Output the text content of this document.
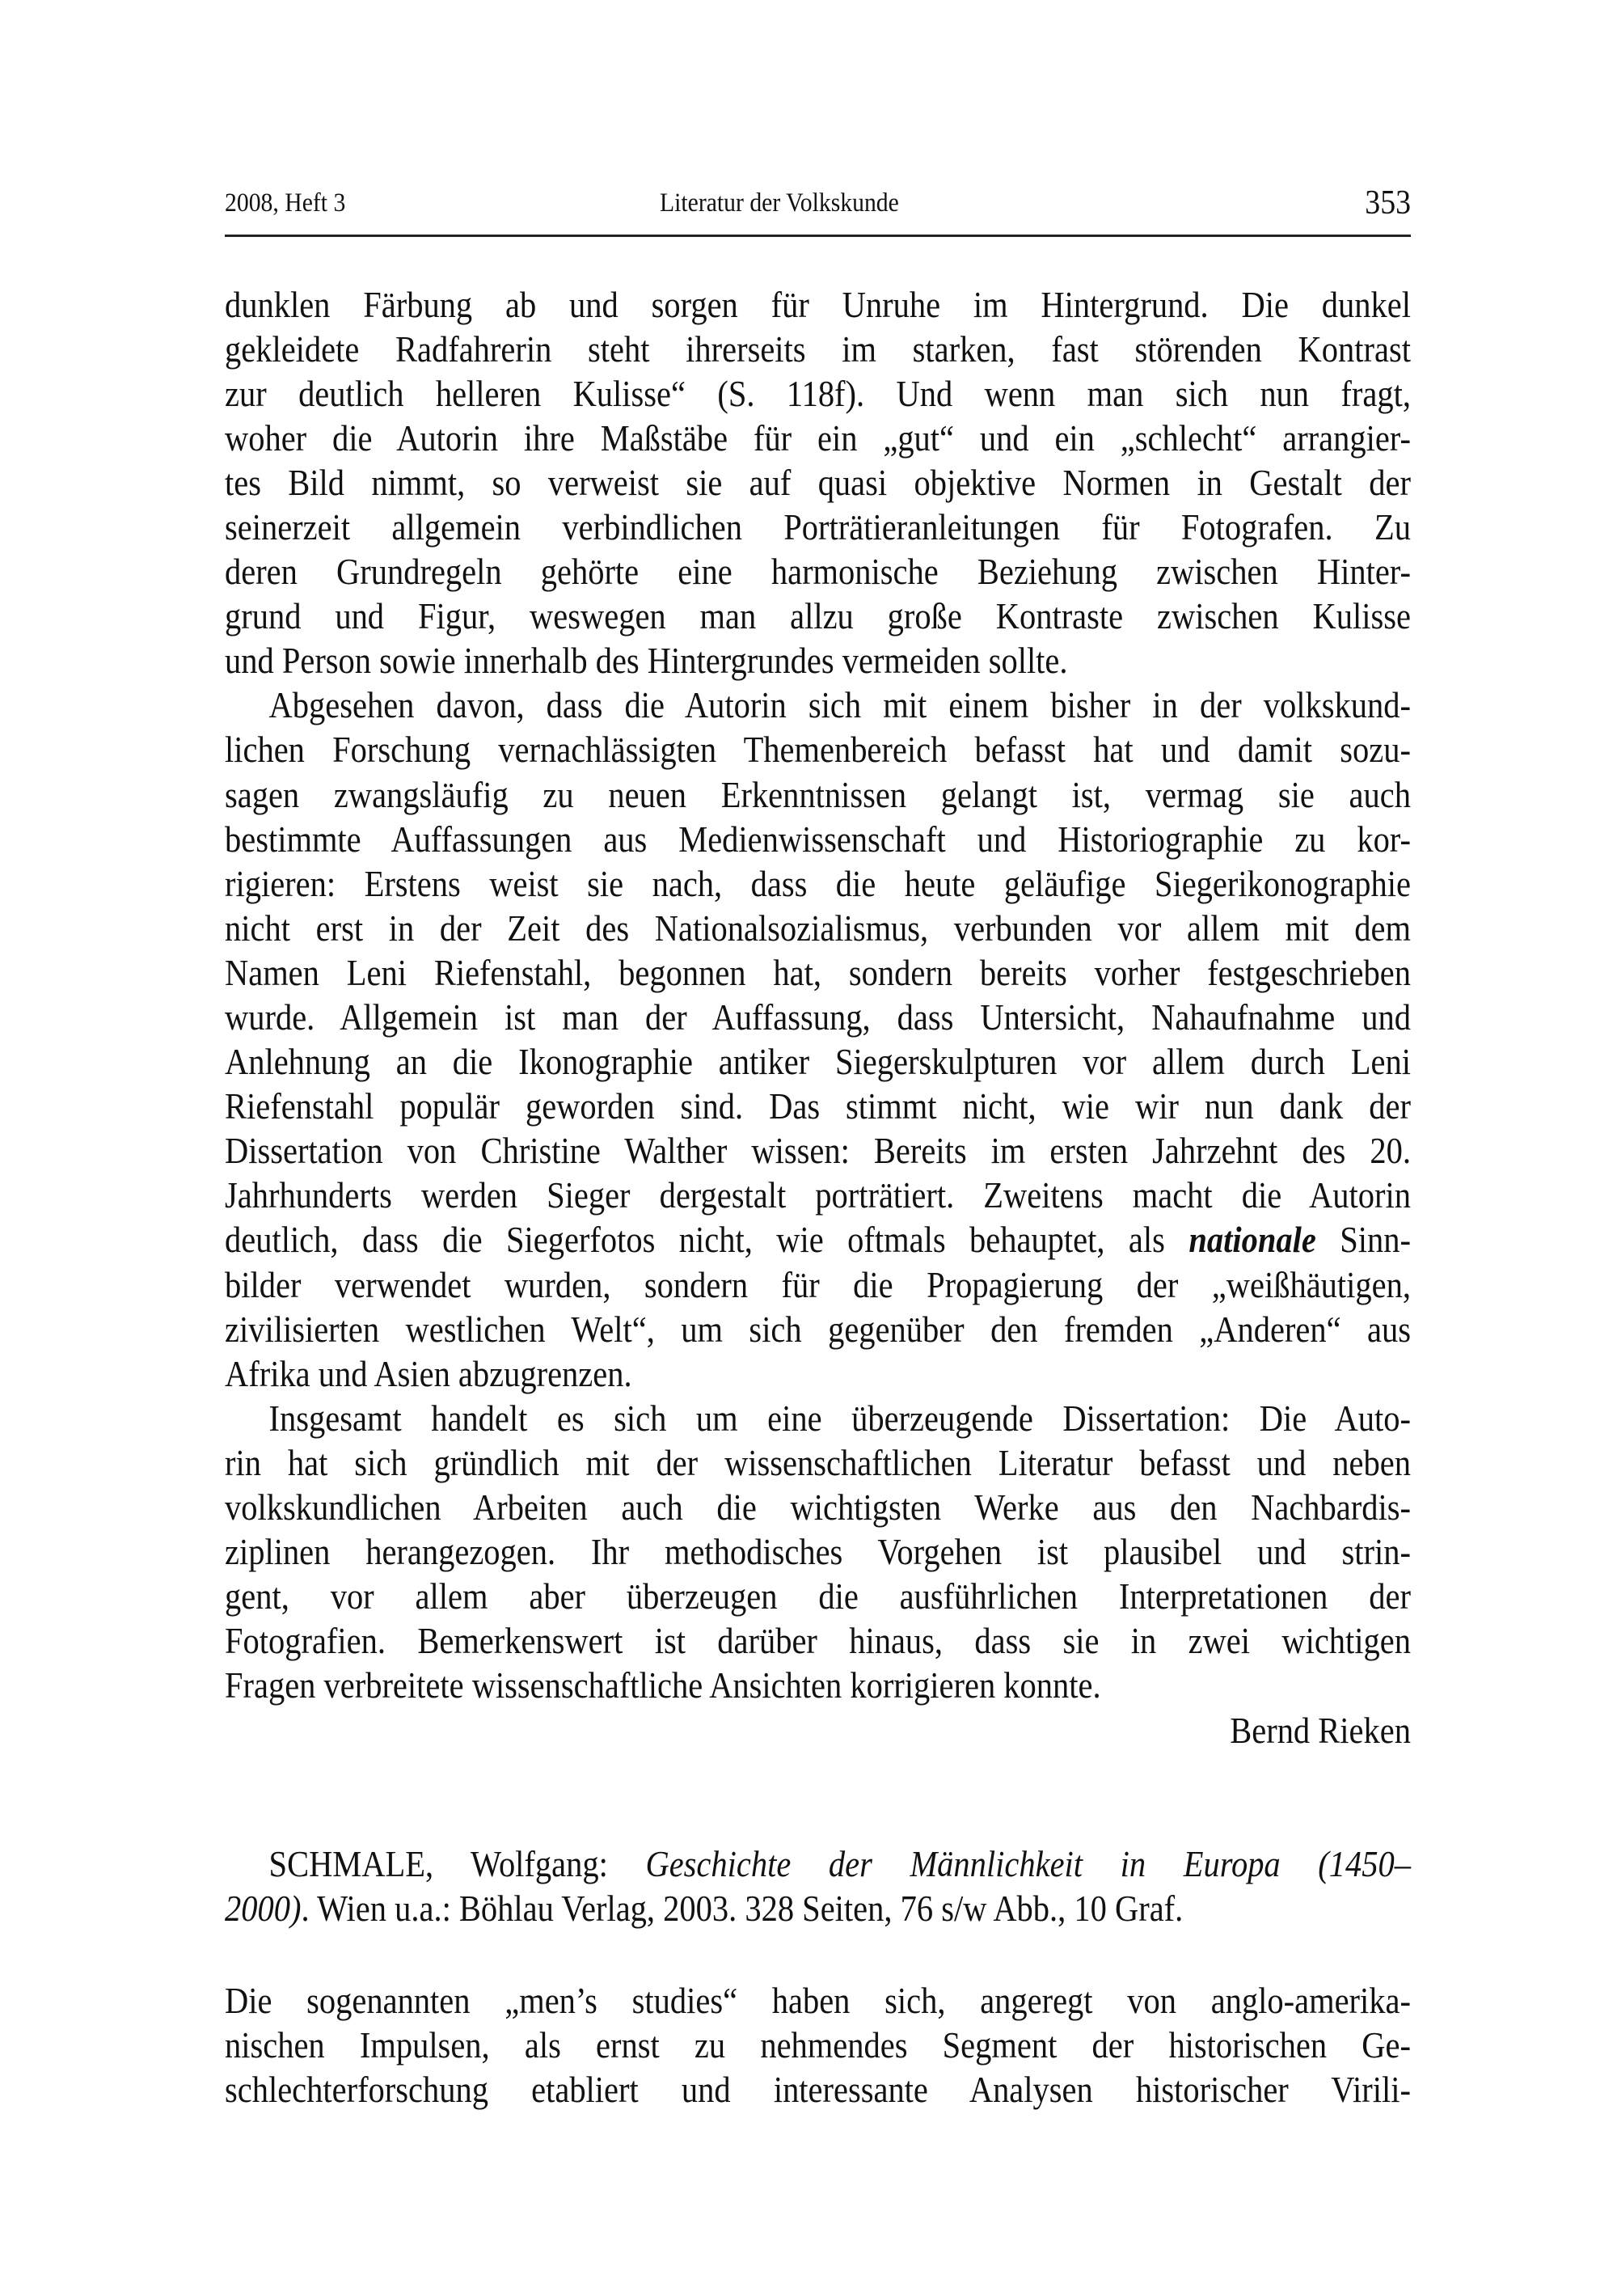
2008, Heft 3	Literatur der Volkskunde	353
dunklen Färbung ab und sorgen für Unruhe im Hintergrund. Die dunkel
gekleidete Radfahrerin steht ihrerseits im starken, fast störenden Kontrast
zur deutlich helleren Kulisse“ (S. 118f). Und wenn man sich nun fragt,
woher die Autorin ihre Maßstäbe für ein „gut“ und ein „schlecht“ arrangier-
tes Bild nimmt, so verweist sie auf quasi objektive Normen in Gestalt der
seinerzeit allgemein verbindlichen Porträtieranleitungen für Fotografen. Zu
deren Grundregeln gehörte eine harmonische Beziehung zwischen Hinter-
grund und Figur, weswegen man allzu große Kontraste zwischen Kulisse
und Person sowie innerhalb des Hintergrundes vermeiden sollte.
Abgesehen davon, dass die Autorin sich mit einem bisher in der volkskund-
lichen Forschung vernachlässigten Themenbereich befasst hat und damit sozu-
sagen zwangsläufig zu neuen Erkenntnissen gelangt ist, vermag sie auch
bestimmte Auffassungen aus Medienwissenschaft und Historiographie zu kor-
rigieren: Erstens weist sie nach, dass die heute geläufige Siegerikonographie
nicht erst in der Zeit des Nationalsozialismus, verbunden vor allem mit dem
Namen Leni Riefenstahl, begonnen hat, sondern bereits vorher festgeschrieben
wurde. Allgemein ist man der Auffassung, dass Untersicht, Nahaufnahme und
Anlehnung an die Ikonographie antiker Siegerskulpturen vor allem durch Leni
Riefenstahl populär geworden sind. Das stimmt nicht, wie wir nun dank der
Dissertation von Christine Walther wissen: Bereits im ersten Jahrzehnt des 20.
Jahrhunderts werden Sieger dergestalt porträtiert. Zweitens macht die Autorin
deutlich, dass die Siegerfotos nicht, wie oftmals behauptet, als nationale Sinn-
bilder verwendet wurden, sondern für die Propagierung der „weißhäutigen,
zivilisierten westlichen Welt“, um sich gegenüber den fremden „Anderen“ aus
Afrika und Asien abzugrenzen.
Insgesamt handelt es sich um eine überzeugende Dissertation: Die Auto-
rin hat sich gründlich mit der wissenschaftlichen Literatur befasst und neben
volkskundlichen Arbeiten auch die wichtigsten Werke aus den Nachbardis-
ziplinen herangezogen. Ihr methodisches Vorgehen ist plausibel und strin-
gent, vor allem aber überzeugen die ausführlichen Interpretationen der
Fotografien. Bemerkenswert ist darüber hinaus, dass sie in zwei wichtigen
Fragen verbreitete wissenschaftliche Ansichten korrigieren konnte.
Bernd Rieken
SCHMALE, Wolfgang: Geschichte der Männlichkeit in Europa (1450–
2000). Wien u.a.: Böhlau Verlag, 2003. 328 Seiten, 76 s/w Abb., 10 Graf.
Die sogenannten „men’s studies“ haben sich, angeregt von anglo-amerika-
nischen Impulsen, als ernst zu nehmendes Segment der historischen Ge-
schlechterforschung etabliert und interessante Analysen historischer Virili-
